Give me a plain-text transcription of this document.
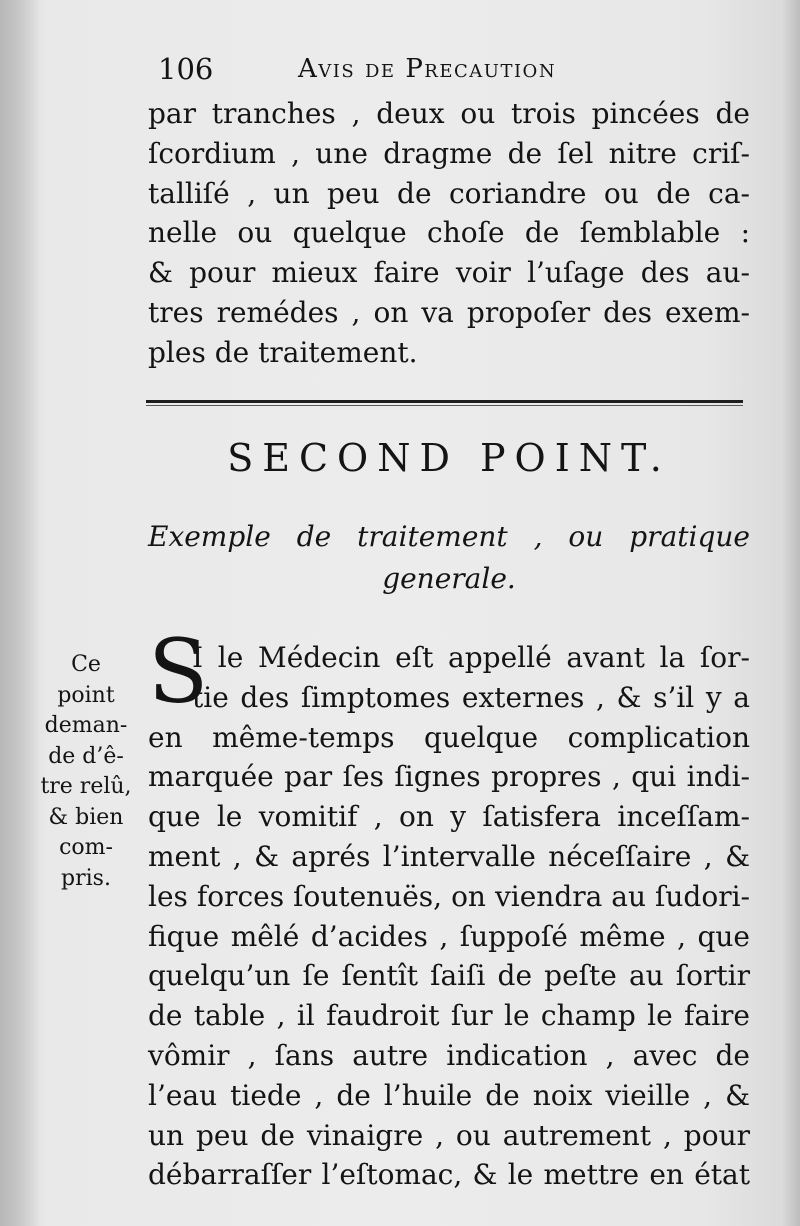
106	Avis de Precaution
par tranches , deux ou trois pincées de
ſcordium , une dragme de ſel nitre criſ-
talliſé , un peu de coriandre ou de ca-
nelle ou quelque choſe de ſemblable :
& pour mieux faire voir l’uſage des au-
tres remédes , on va propoſer des exem-
ples de traitement.
SECOND POINT.
Exemple de traitement , ou pratique
generale.
Ce
point
deman-
de d’ê-
tre relû,
& bien
com-
pris.
S
I le Médecin eſt appellé avant la ſor-
tie des ſimptomes externes , & s’il y a
en même-temps quelque complication
marquée par ſes ſignes propres , qui indi-
que le vomitif , on y ſatisfera inceſſam-
ment , & aprés l’intervalle néceſſaire , &
les forces ſoutenuës, on viendra au ſudori-
fique mêlé d’acides , ſuppoſé même , que
quelqu’un ſe ſentît ſaiſi de peſte au ſortir
de table , il faudroit ſur le champ le faire
vômir , ſans autre indication , avec de
l’eau tiede , de l’huile de noix vieille , &
un peu de vinaigre , ou autrement , pour
débarraſſer l’eſtomac, & le mettre en état
